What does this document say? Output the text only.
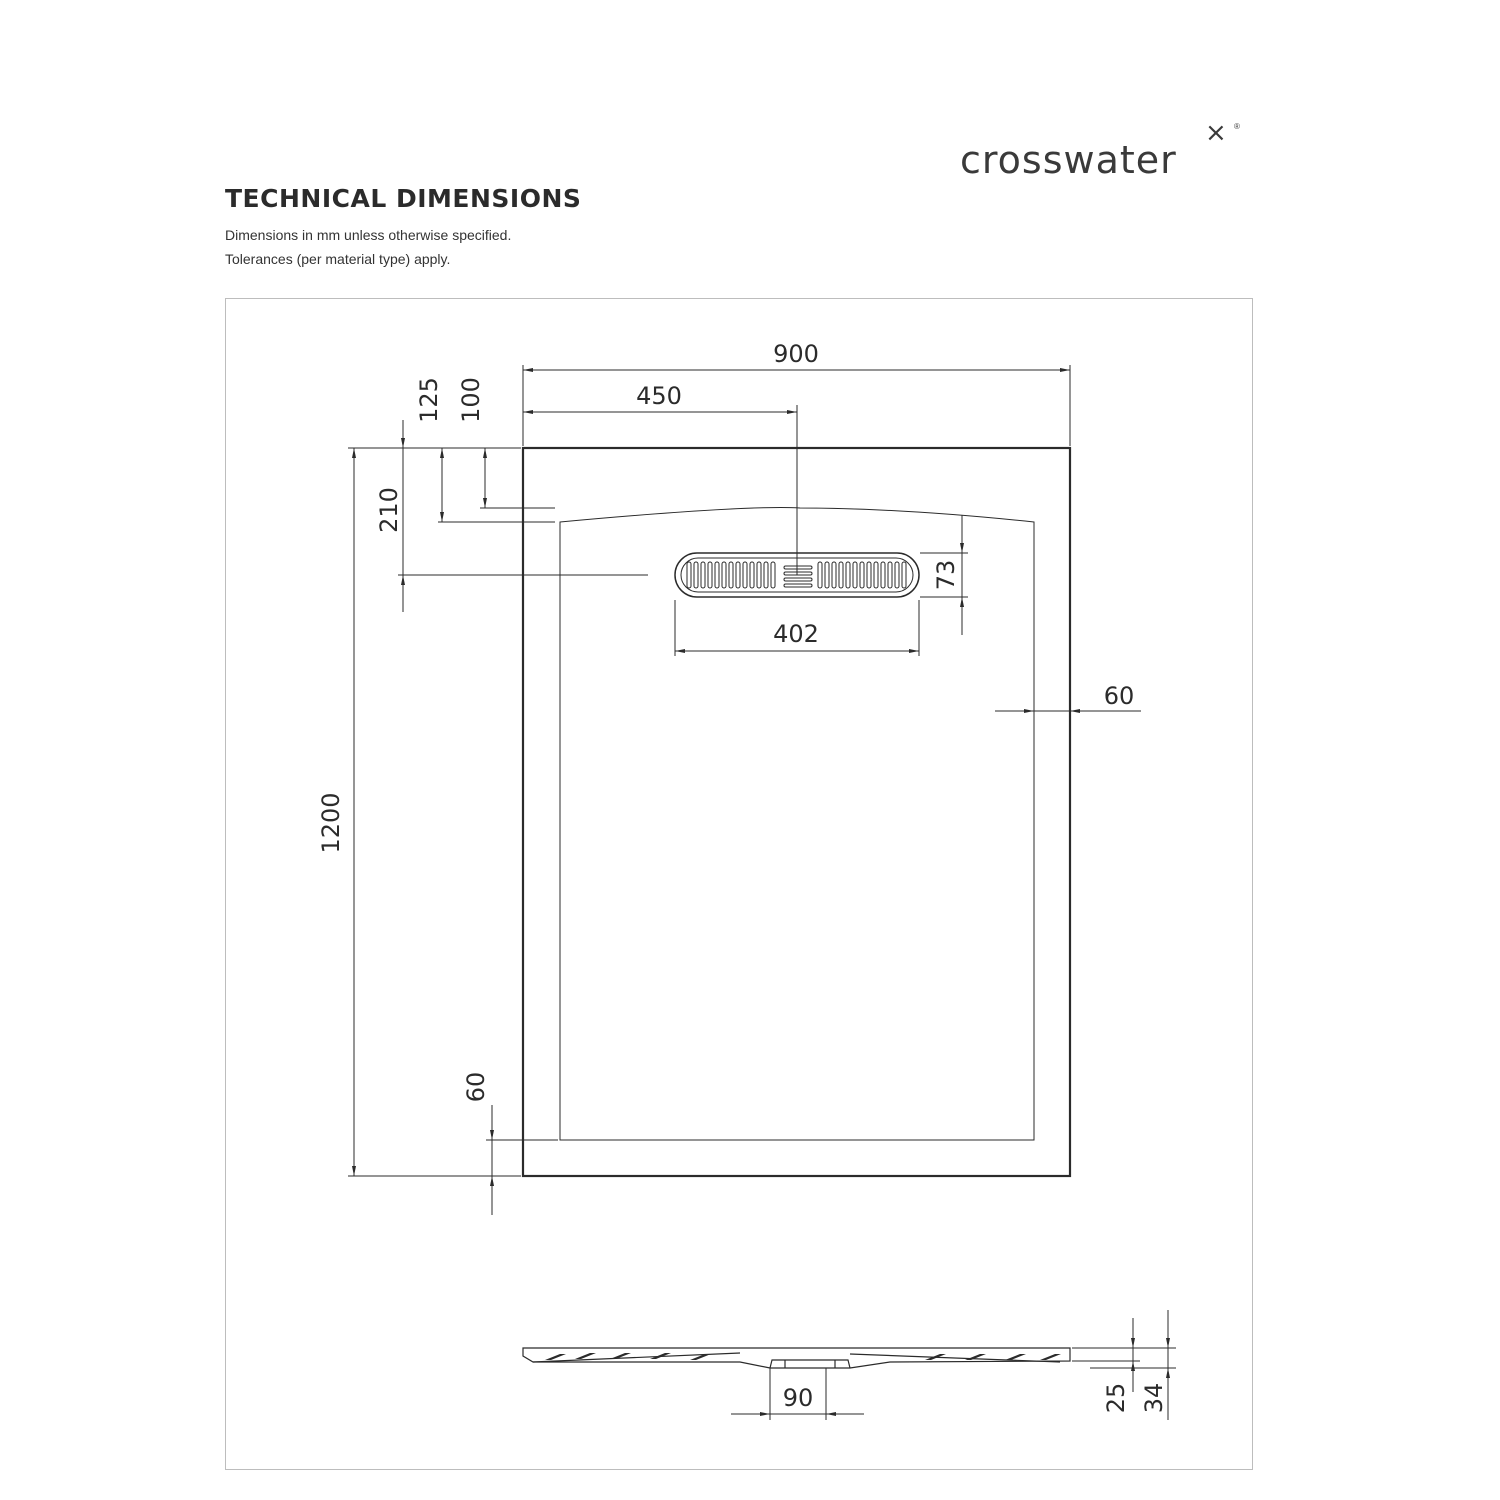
crosswater
× ®
TECHNICAL DIMENSIONS
Dimensions in mm unless otherwise specified.
Tolerances (per material type) apply.
900
450
125 100
210
73
402
60
1200
60
90	25 34
